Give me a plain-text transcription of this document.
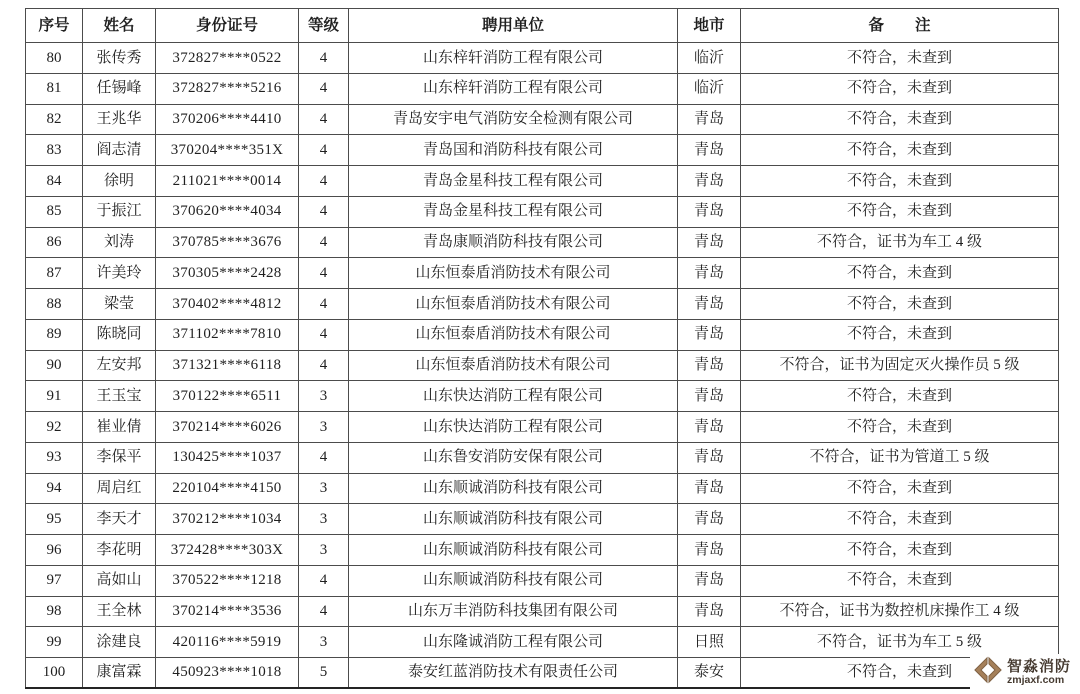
序号	姓名	身份证号	等级	聘用单位	地市	备　　注
80	张传秀	372827****0522	4	山东梓轩消防工程有限公司	临沂	不符合，未查到
81	任锡峰	372827****5216	4	山东梓轩消防工程有限公司	临沂	不符合，未查到
82	王兆华	370206****4410	4	青岛安宇电气消防安全检测有限公司	青岛	不符合，未查到
83	阎志清	370204****351X	4	青岛国和消防科技有限公司	青岛	不符合，未查到
84	徐明	211021****0014	4	青岛金星科技工程有限公司	青岛	不符合，未查到
85	于振江	370620****4034	4	青岛金星科技工程有限公司	青岛	不符合，未查到
86	刘涛	370785****3676	4	青岛康顺消防科技有限公司	青岛	不符合，证书为车工 4 级
87	许美玲	370305****2428	4	山东恒泰盾消防技术有限公司	青岛	不符合，未查到
88	梁莹	370402****4812	4	山东恒泰盾消防技术有限公司	青岛	不符合，未查到
89	陈晓同	371102****7810	4	山东恒泰盾消防技术有限公司	青岛	不符合，未查到
90	左安邦	371321****6118	4	山东恒泰盾消防技术有限公司	青岛	不符合，证书为固定灭火操作员 5 级
91	王玉宝	370122****6511	3	山东快达消防工程有限公司	青岛	不符合，未查到
92	崔业倩	370214****6026	3	山东快达消防工程有限公司	青岛	不符合，未查到
93	李保平	130425****1037	4	山东鲁安消防安保有限公司	青岛	不符合，证书为管道工 5 级
94	周启红	220104****4150	3	山东顺诚消防科技有限公司	青岛	不符合，未查到
95	李天才	370212****1034	3	山东顺诚消防科技有限公司	青岛	不符合，未查到
96	李花明	372428****303X	3	山东顺诚消防科技有限公司	青岛	不符合，未查到
97	高如山	370522****1218	4	山东顺诚消防科技有限公司	青岛	不符合，未查到
98	王全林	370214****3536	4	山东万丰消防科技集团有限公司	青岛	不符合，证书为数控机床操作工 4 级
99	涂建良	420116****5919	3	山东隆诚消防工程有限公司	日照	不符合，证书为车工 5 级
100	康富霖	450923****1018	5	泰安红蓝消防技术有限责任公司	泰安	不符合，未查到	智淼消防
zmjaxf.com
